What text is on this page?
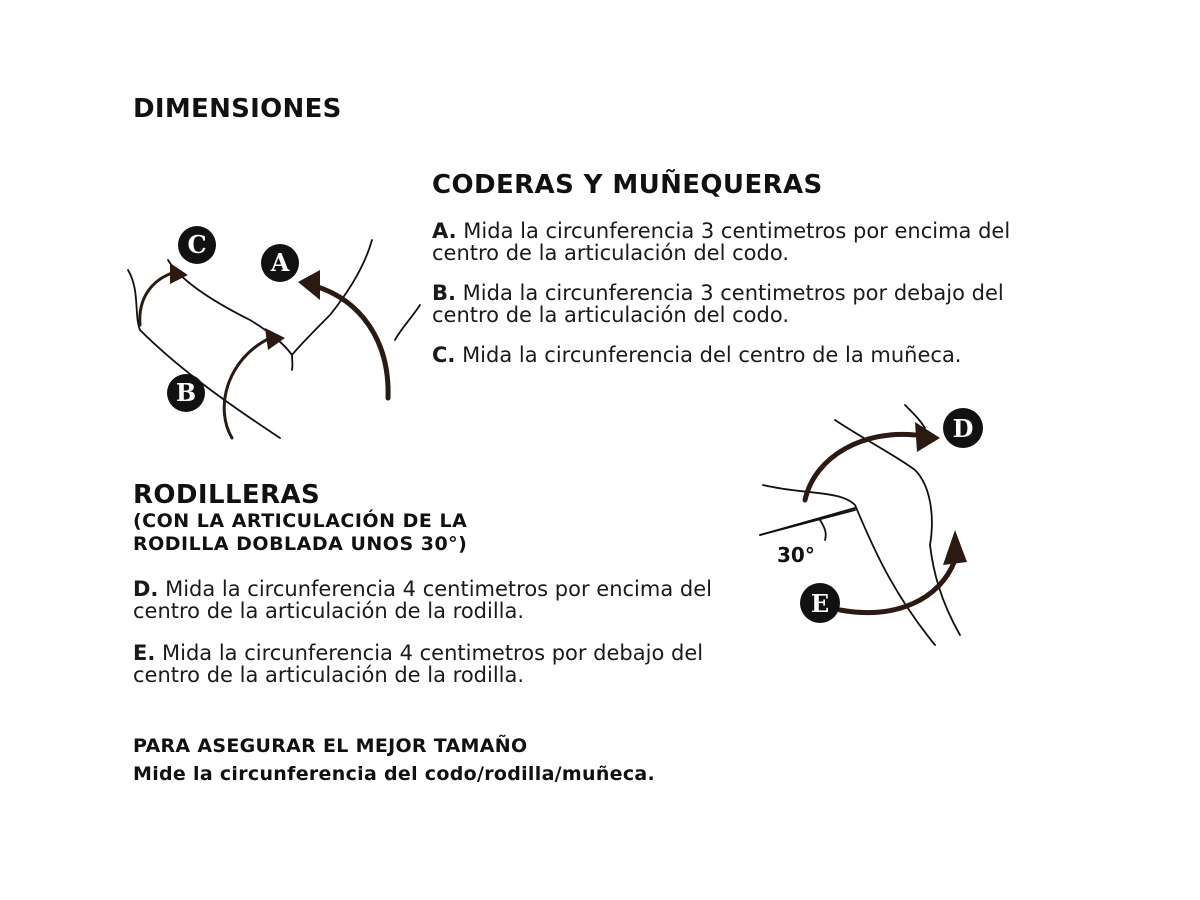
DIMENSIONES
C
A
B
CODERAS Y MUÑEQUERAS

A. Mida la circunferencia 3 centimetros por encima del centro de la articulación del codo.

B. Mida la circunferencia 3 centimetros por debajo del centro de la articulación del codo.

C. Mida la circunferencia del centro de la muñeca.

RODILLERAS

(CON LA ARTICULACIÓN DE LA

RODILLA DOBLADA UNOS 30°)

D. Mida la circunferencia 4 centimetros por encima del centro de la articulación de la rodilla.

E. Mida la circunferencia 4 centimetros por debajo del centro de la articulación de la rodilla.

30°
D
E

PARA ASEGURAR EL MEJOR TAMAÑO

Mide la circunferencia del codo/rodilla/muñeca.
